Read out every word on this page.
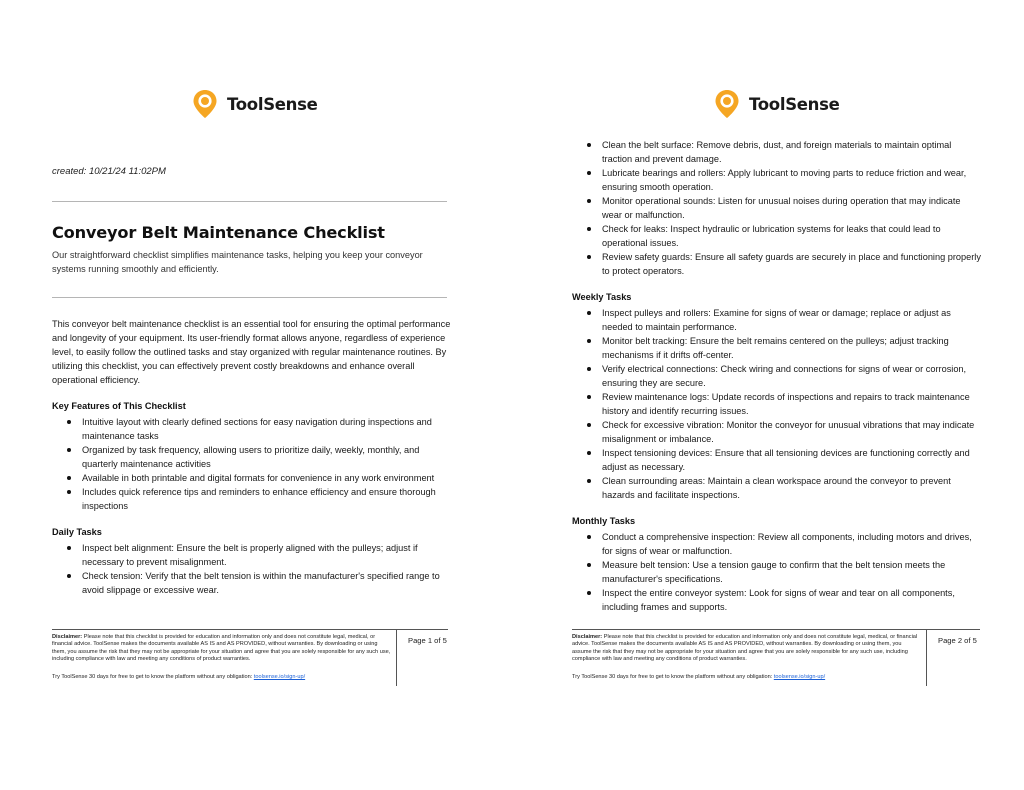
ToolSense
created: 10/21/24 11:02PM
Conveyor Belt Maintenance Checklist

Our straightforward checklist simplifies maintenance tasks, helping you keep your conveyor systems running smoothly and efficiently.

This conveyor belt maintenance checklist is an essential tool for ensuring the optimal performance and longevity of your equipment. Its user-friendly format allows anyone, regardless of experience level, to easily follow the outlined tasks and stay organized with regular maintenance routines. By utilizing this checklist, you can effectively prevent costly breakdowns and enhance overall operational efficiency.

Key Features of This Checklist
Intuitive layout with clearly defined sections for easy navigation during inspections and maintenance tasks
Organized by task frequency, allowing users to prioritize daily, weekly, monthly, and quarterly maintenance activities
Available in both printable and digital formats for convenience in any work environment
Includes quick reference tips and reminders to enhance efficiency and ensure thorough inspections
Daily Tasks
Inspect belt alignment: Ensure the belt is properly aligned with the pulleys; adjust if necessary to prevent misalignment.
Check tension: Verify that the belt tension is within the manufacturer's specified range to avoid slippage or excessive wear.
Disclaimer: Please note that this checklist is provided for education and information only and does not constitute legal, medical, or financial advice. ToolSense makes the documents available AS IS and AS PROVIDED, without warranties. By downloading or using them, you assume the risk that they may not be appropriate for your situation and agree that you are solely responsible for any such use, including compliance with law and meeting any conditions of product warranties.
Try ToolSense 30 days for free to get to know the platform without any obligation: toolsense.io/sign-up/
Page 1 of 5
ToolSense
Clean the belt surface: Remove debris, dust, and foreign materials to maintain optimal traction and prevent damage.
Lubricate bearings and rollers: Apply lubricant to moving parts to reduce friction and wear, ensuring smooth operation.
Monitor operational sounds: Listen for unusual noises during operation that may indicate wear or malfunction.
Check for leaks: Inspect hydraulic or lubrication systems for leaks that could lead to operational issues.
Review safety guards: Ensure all safety guards are securely in place and functioning properly to protect operators.
Weekly Tasks
Inspect pulleys and rollers: Examine for signs of wear or damage; replace or adjust as needed to maintain performance.
Monitor belt tracking: Ensure the belt remains centered on the pulleys; adjust tracking mechanisms if it drifts off-center.
Verify electrical connections: Check wiring and connections for signs of wear or corrosion, ensuring they are secure.
Review maintenance logs: Update records of inspections and repairs to track maintenance history and identify recurring issues.
Check for excessive vibration: Monitor the conveyor for unusual vibrations that may indicate misalignment or imbalance.
Inspect tensioning devices: Ensure that all tensioning devices are functioning correctly and adjust as necessary.
Clean surrounding areas: Maintain a clean workspace around the conveyor to prevent hazards and facilitate inspections.
Monthly Tasks
Conduct a comprehensive inspection: Review all components, including motors and drives, for signs of wear or malfunction.
Measure belt tension: Use a tension gauge to confirm that the belt tension meets the manufacturer's specifications.
Inspect the entire conveyor system: Look for signs of wear and tear on all components, including frames and supports.
Disclaimer: Please note that this checklist is provided for education and information only and does not constitute legal, medical, or financial advice. ToolSense makes the documents available AS IS and AS PROVIDED, without warranties. By downloading or using them, you assume the risk that they may not be appropriate for your situation and agree that you are solely responsible for any such use, including compliance with law and meeting any conditions of product warranties.
Try ToolSense 30 days for free to get to know the platform without any obligation: toolsense.io/sign-up/
Page 2 of 5
